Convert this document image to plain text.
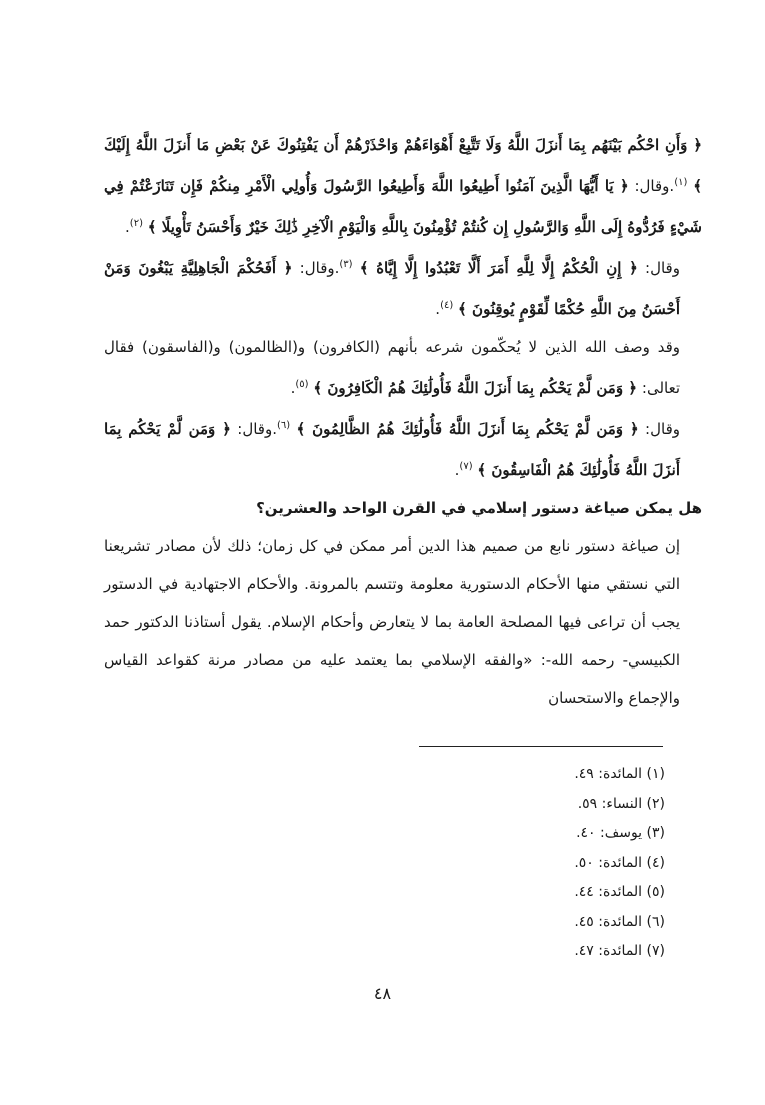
﴿ وَأَنِ احْكُم بَيْنَهُم بِمَا أَنزَلَ اللَّهُ وَلَا تَتَّبِعْ أَهْوَاءَهُمْ وَاحْذَرْهُمْ أَن يَفْتِنُوكَ عَنْ بَعْضِ مَا أَنزَلَ اللَّهُ إِلَيْكَ ﴾ $^{(١)}$.وقال: ﴿ يَا أَيُّهَا الَّذِينَ آمَنُوا أَطِيعُوا اللَّهَ وَأَطِيعُوا الرَّسُولَ وَأُولِي الْأَمْرِ مِنكُمْ فَإِن تَنَازَعْتُمْ فِي شَيْءٍ فَرُدُّوهُ إِلَى اللَّهِ وَالرَّسُولِ إِن كُنتُمْ تُؤْمِنُونَ بِاللَّهِ وَالْيَوْمِ الْآخِرِ ذَٰلِكَ خَيْرٌ وَأَحْسَنُ تَأْوِيلًا ﴾ $^{(٢)}$.

وقال: ﴿ إِنِ الْحُكْمُ إِلَّا لِلَّهِ أَمَرَ أَلَّا تَعْبُدُوا إِلَّا إِيَّاهُ ﴾ $^{(٣)}$.وقال: ﴿ أَفَحُكْمَ الْجَاهِلِيَّةِ يَبْغُونَ وَمَنْ أَحْسَنُ مِنَ اللَّهِ حُكْمًا لِّقَوْمٍ يُوقِنُونَ ﴾ $^{(٤)}$.

وقد وصف الله الذين لا يُحكّمون شرعه بأنهم (الكافرون) و(الظالمون) و(الفاسقون) فقال تعالى: ﴿ وَمَن لَّمْ يَحْكُم بِمَا أَنزَلَ اللَّهُ فَأُولَٰئِكَ هُمُ الْكَافِرُونَ ﴾ $^{(٥)}$.

وقال: ﴿ وَمَن لَّمْ يَحْكُم بِمَا أَنزَلَ اللَّهُ فَأُولَٰئِكَ هُمُ الظَّالِمُونَ ﴾ $^{(٦)}$.وقال: ﴿ وَمَن لَّمْ يَحْكُم بِمَا أَنزَلَ اللَّهُ فَأُولَٰئِكَ هُمُ الْفَاسِقُونَ ﴾ $^{(٧)}$.

هل يمكن صياغة دستور إسلامي في القرن الواحد والعشرين؟

إن صياغة دستور نابع من صميم هذا الدين أمر ممكن في كل زمان؛ ذلك لأن مصادر تشريعنا التي نستقي منها الأحكام الدستورية معلومة وتتسم بالمرونة. والأحكام الاجتهادية في الدستور يجب أن تراعى فيها المصلحة العامة بما لا يتعارض وأحكام الإسلام. يقول أستاذنا الدكتور حمد الكبيسي- رحمه الله-: «والفقه الإسلامي بما يعتمد عليه من مصادر مرنة كقواعد القياس والإجماع والاستحسان

(١) المائدة: ٤٩.
(٢) النساء: ٥٩.
(٣) يوسف: ٤٠.
(٤) المائدة: ٥٠.
(٥) المائدة: ٤٤.
(٦) المائدة: ٤٥.
(٧) المائدة: ٤٧.
٤٨
